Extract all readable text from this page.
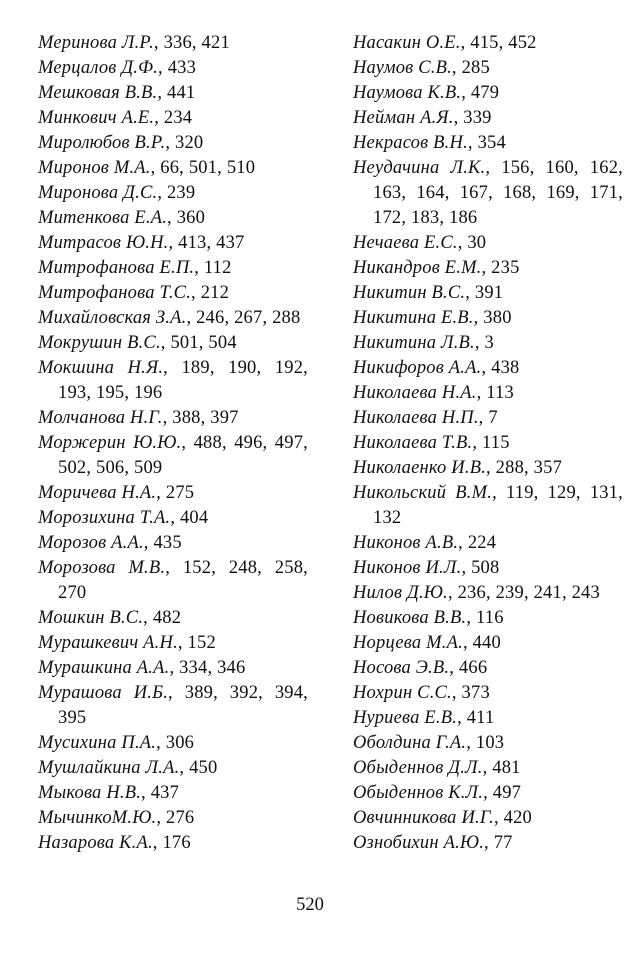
Меринова Л.Р., 336, 421

Мерцалов Д.Ф., 433

Мешковая В.В., 441

Минкович А.Е., 234

Миролюбов В.Р., 320

Миронов М.А., 66, 501, 510

Миронова Д.С., 239

Митенкова Е.А., 360

Митрасов Ю.Н., 413, 437

Митрофанова Е.П., 112

Митрофанова Т.С., 212

Михайловская З.А., 246, 267, 288

Мокрушин В.С., 501, 504

Мокшина Н.Я., 189, 190, 192, 193, 195, 196

Молчанова Н.Г., 388, 397

Моржерин Ю.Ю., 488, 496, 497, 502, 506, 509

Моричева Н.А., 275

Морозихина Т.А., 404

Морозов А.А., 435

Морозова М.В., 152, 248, 258, 270

Мошкин В.С., 482

Мурашкевич А.Н., 152

Мурашкина А.А., 334, 346

Мурашова И.Б., 389, 392, 394, 395

Мусихина П.А., 306

Мушлайкина Л.А., 450

Мыкова Н.В., 437

МычинкоМ.Ю., 276

Назарова К.А., 176

Насакин О.Е., 415, 452

Наумов С.В., 285

Наумова К.В., 479

Нейман А.Я., 339

Некрасов В.Н., 354

Неудачина Л.К., 156, 160, 162, 163, 164, 167, 168, 169, 171, 172, 183, 186

Нечаева Е.С., 30

Никандров Е.М., 235

Никитин В.С., 391

Никитина Е.В., 380

Никитина Л.В., 3

Никифоров А.А., 438

Николаева Н.А., 113

Николаева Н.П., 7

Николаева Т.В., 115

Николаенко И.В., 288, 357

Никольский В.М., 119, 129, 131, 132

Никонов А.В., 224

Никонов И.Л., 508

Нилов Д.Ю., 236, 239, 241, 243

Новикова В.В., 116

Норцева М.А., 440

Носова Э.В., 466

Нохрин С.С., 373

Нуриева Е.В., 411

Оболдина Г.А., 103

Обыденнов Д.Л., 481

Обыденнов К.Л., 497

Овчинникова И.Г., 420

Ознобихин А.Ю., 77

520
